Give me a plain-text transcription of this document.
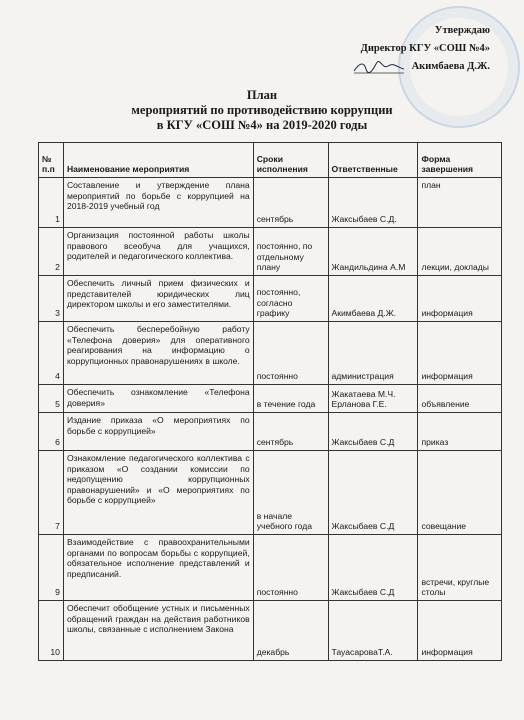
Утверждаю
Директор КГУ «СОШ №4»
Акимбаева Д.Ж.
План
мероприятий по противодействию коррупции
в КГУ «СОШ №4» на 2019-2020 годы
№ п.п	Наименование мероприятия	Сроки исполнения	Ответственные	Форма завершения
1	Составление и утверждение плана мероприятий по борьбе с коррупцией на 2018-2019 учебный год	сентябрь	Жаксыбаев С.Д.	план
2	Организация постоянной работы школы правового всеобуча для учащихся, родителей и педагогического коллектива.	постоянно, по отдельному плану	Жандильдина А.М	лекции, доклады
3	Обеспечить личный прием физических и представителей юридических лиц директором школы и его заместителями.	постоянно, согласно графику	Акимбаева Д.Ж.	информация
4	Обеспечить бесперебойную работу «Телефона доверия» для оперативного реагирования на информацию о коррупционных правонарушениях в школе.	постоянно	администрация	информация
5	Обеспечить ознакомление «Телефона доверия»	в течение года	Жакатаева М.Ч. Ерланова Г.Е.	объявление
6	Издание приказа «О мероприятиях по борьбе с коррупцией»	сентябрь	Жаксыбаев С.Д	приказ
7	Ознакомление педагогического коллектива с приказом «О создании комиссии по недопущению коррупционных правонарушений» и «О мероприятиях по борьбе с коррупцией»	в начале учебного года	Жаксыбаев С.Д	совещание
9	Взаимодействие с правоохранительными органами по вопросам борьбы с коррупцией, обязательное исполнение представлений и предписаний.	постоянно	Жаксыбаев С.Д	встречи, круглые столы
10	Обеспечит обобщение устных и письменных обращений граждан на действия работников школы, связанные с исполнением Закона	декабрь	ТауасароваТ.А.	информация
